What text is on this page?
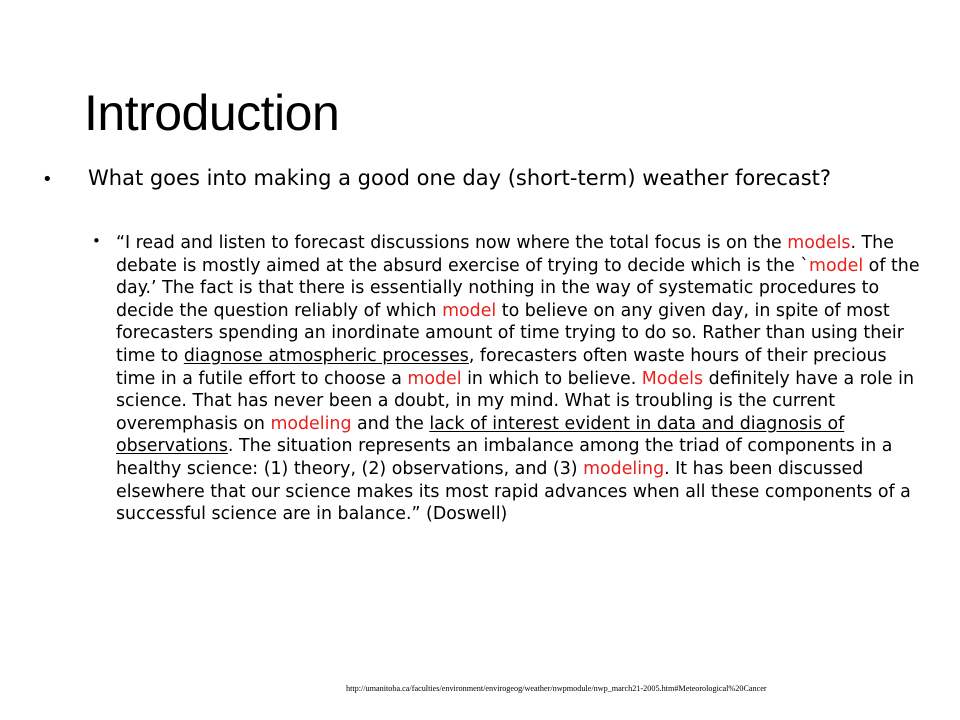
Introduction
• What goes into making a good one day (short-term) weather forecast?
• “I read and listen to forecast discussions now where the total focus is on the models. The debate is mostly aimed at the absurd exercise of trying to decide which is the `model of the day.’ The fact is that there is essentially nothing in the way of systematic procedures to decide the question reliably of which model to believe on any given day, in spite of most forecasters spending an inordinate amount of time trying to do so. Rather than using their time to diagnose atmospheric processes, forecasters often waste hours of their precious time in a futile effort to choose a model in which to believe. Models definitely have a role in science. That has never been a doubt, in my mind. What is troubling is the current overemphasis on modeling and the lack of interest evident in data and diagnosis of observations. The situation represents an imbalance among the triad of components in a healthy science: (1) theory, (2) observations, and (3) modeling. It has been discussed elsewhere that our science makes its most rapid advances when all these components of a successful science are in balance.” (Doswell)
http://umanitoba.ca/faculties/environment/envirogeog/weather/nwpmodule/nwp_march21-2005.htm#Meteorological%20Cancer
